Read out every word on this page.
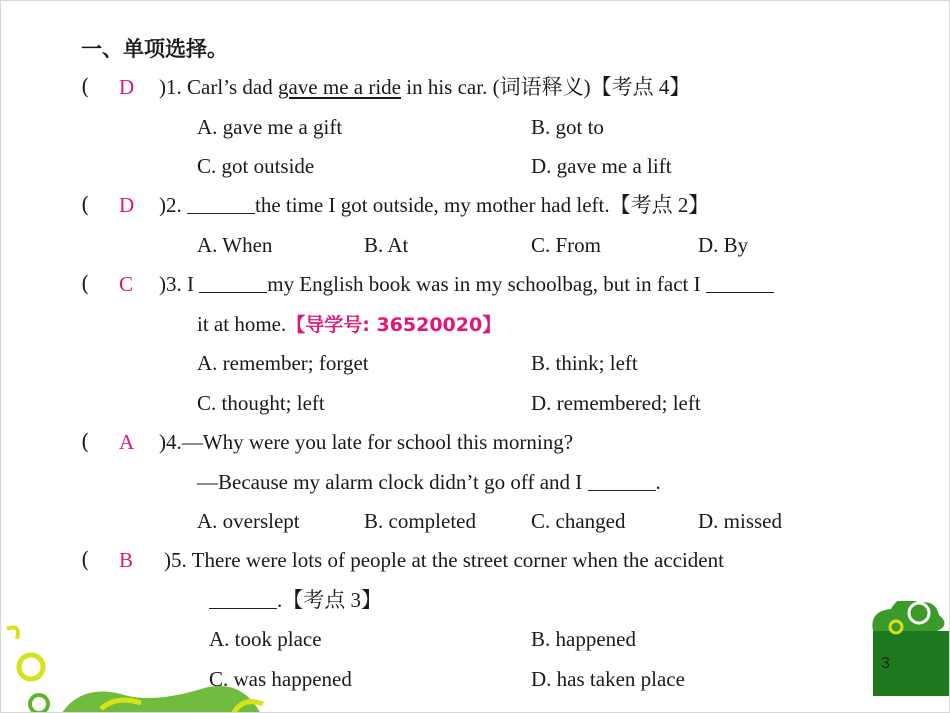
一、单项选择。
( D )1. Carl’s dad gave me a ride in his car. (词语释义)【考点 4】
A. gave me a gift	B. got to
C. got outside	D. gave me a lift
( D )2.	the time I got outside, my mother had left.【考点 2】
A. When	B. At	C. From	D. By
( C )3. I	my English book was in my schoolbag, but in fact I
it at home.【导学号: 36520020】
A. remember; forget	B. think; left
C. thought; left	D. remembered; left
( A )4.—Why were you late for school this morning?
—Because my alarm clock didn’t go off and I	.
A. overslept	B. completed	C. changed	D. missed
( B )5. There were lots of people at the street corner when the accident
.【考点 3】
A. took place	B. happened
C. was happened	D. has taken place
3
